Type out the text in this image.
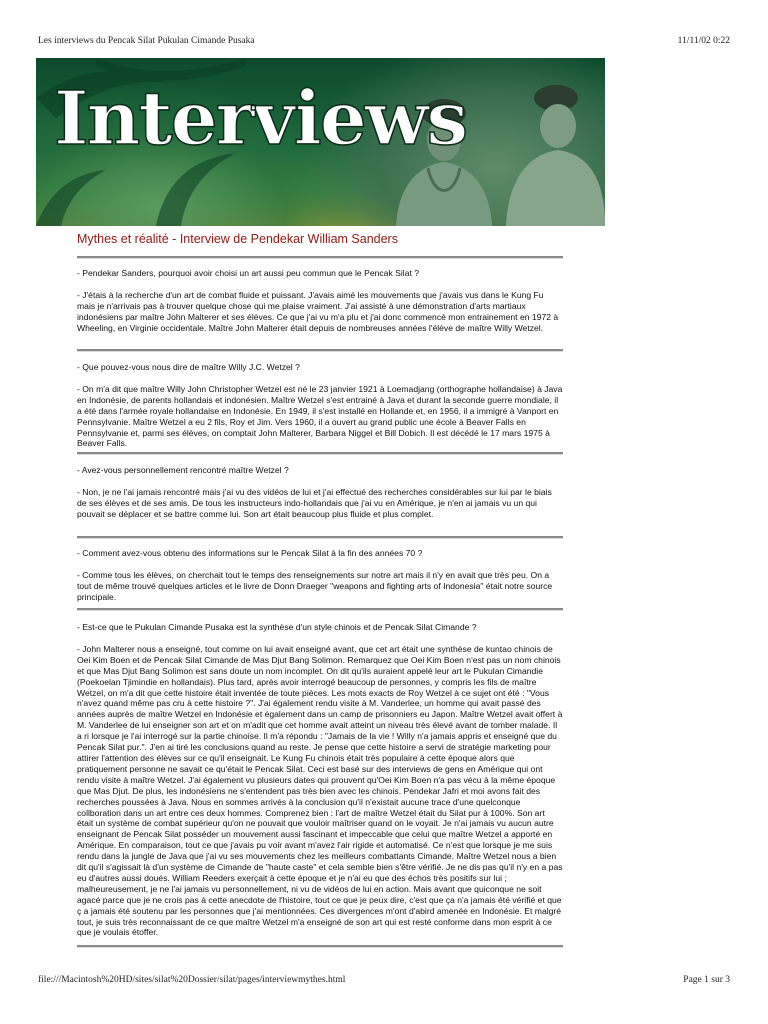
Les interviews du Pencak Silat Pukulan Cimande Pusaka	11/11/02 0:22
Interviews
Mythes et réalité - Interview de Pendekar William Sanders

- Pendekar Sanders, pourquoi avoir choisi un art aussi peu commun que le Pencak Silat ?

- J'étais à la recherche d'un art de combat fluide et puissant. J'avais aimé les mouvements que j'avais vus dans le Kung Fu mais je n'arrivais pas à trouver quelque chose qui me plaise vraiment. J'ai assisté à une démonstration d'arts martiaux indonésiens par maître John Malterer et ses élèves. Ce que j'ai vu m'a plu et j'ai donc commencé mon entrainement en 1972 à Wheeling, en Virginie occidentale. Maître John Malterer était depuis de nombreuses années l'élève de maître Willy Wetzel.

- Que pouvez-vous nous dire de maître Willy J.C. Wetzel ?

- On m'a dit que maître Willy John Christopher Wetzel est né le 23 janvier 1921 à Loemadjang (orthographe hollandaise) à Java en Indonésie, de parents hollandais et indonésien. Maître Wetzel s'est entrainé à Java et durant la seconde guerre mondiale, il a été dans l'armée royale hollandaise en Indonésie. En 1949, il s'est installé en Hollande et, en 1956, il a immigré à Vanport en Pennsylvanie. Maître Wetzel a eu 2 fils, Roy et Jim. Vers 1960, il a ouvert au grand public une école à Beaver Falls en Pennsylvanie et, parmi ses élèves, on comptait John Malterer, Barbara Niggel et Bill Dobich. Il est décédé le 17 mars 1975 à Beaver Falls.

- Avez-vous personnellement rencontré maître Wetzel ?

- Non, je ne l'ai jamais rencontré mais j'ai vu des vidéos de lui et j'ai effectué des recherches considérables sur lui par le biais de ses élèves et de ses amis. De tous les instructeurs indo-hollandais que j'ai vu en Amérique, je n'en ai jamais vu un qui pouvait se déplacer et se battre comme lui. Son art était beaucoup plus fluide et plus complet.

- Comment avez-vous obtenu des informations sur le Pencak Silat à la fin des années 70 ?

- Comme tous les élèves, on cherchait tout le temps des renseignements sur notre art mais il n'y en avait que très peu. On a tout de même trouvé quelques articles et le livre de Donn Draeger "weapons and fighting arts of Indonesia" était notre source principale.

- Est-ce que le Pukulan Cimande Pusaka est la synthèse d'un style chinois et de Pencak Silat Cimande ?

- John Malterer nous a enseigné, tout comme on lui avait enseigné avant, que cet art était une synthèse de kuntao chinois de Oei Kim Boen et de Pencak Silat Cimande de Mas Djut Bang Solimon. Remarquez que Oei Kim Boen n'est pas un nom chinois et que Mas Djut Bang Solimon est sans doute un nom incomplet. On dit qu'ils auraient appelé leur art le Pukulan Cimandie (Poekoelan Tjimindie en hollandais). Plus tard, après avoir interrogé beaucoup de personnes, y compris les fils de maître Wetzel, on m'a dit que cette histoire était inventée de toute pièces. Les mots exacts de Roy Wetzel à ce sujet ont été : "Vous n'avez quand même pas cru à cette histoire ?". J'ai également rendu visite à M. Vanderlee, un homme qui avait passé des années auprès de maître Wetzel en Indonésie et également dans un camp de prisonniers eu Japon. Maître Wetzel avait offert à M. Vanderlee de lui enseigner son art et on m'adit que cet homme avait atteint un niveau très élevé avant de tomber malade. Il a ri lorsque je l'ai interrogé sur la partie chinoise. Il m'a répondu : "Jamais de la vie ! Willy n'a jamais appris et enseigné que du Pencak Silat pur.". J'en ai tiré les conclusions quand au reste. Je pense que cette histoire a servi de stratégie marketing pour attirer l'attention des élèves sur ce qu'il enseignait. Le Kung Fu chinois était très populaire à cette époque alors que pratiquement personne ne savait ce qu'était le Pencak Silat. Ceci est basé sur des interviews de gens en Amérique qui ont rendu visite à maître Wetzel. J'ai également vu plusieurs dates qui prouvent qu'Oei Kim Boen n'a pas vécu à la même époque que Mas Djut. De plus, les indonésiens ne s'entendent pas très bien avec les chinois. Pendekar Jafri et moi avons fait des recherches poussées à Java. Nous en sommes arrivés à la conclusion qu'il n'existait aucune trace d'une quelconque collboration dans un art entre ces deux hommes. Comprenez bien : l'art de maître Wetzel était du Silat pur à 100%. Son art était un système de combat supérieur qu'on ne pouvait que vouloir maîtriser quand on le voyait. Je n'ai jamais vu aucun autre enseignant de Pencak Silat posséder un mouvement aussi fascinant et impeccable que celui que maître Wetzel a apporté en Amérique. En comparaison, tout ce que j'avais pu voir avant m'avez l'air rigide et automatisé. Ce n'est que lorsque je me suis rendu dans la jungle de Java que j'ai vu ses mouvements chez les meilleurs combattants Cimande. Maître Wetzel nous a bien dit qu'il s'agissait là d'un système de Cimande de "haute caste" et cela semble bien s'être vérifié. Je ne dis pas qu'il n'y en a pas eu d'autres aussi doués. William Reeders exerçait à cette époque et je n'ai eu que des échos très positifs sur lui ; malheureusement, je ne l'ai jamais vu personnellement, ni vu de vidéos de lui en action. Mais avant que quiconque ne soit agacé parce que je ne crois pas à cette anecdote de l'histoire, tout ce que je peux dire, c'est que ça n'a jamais été vérifié et que ç a jamais été soutenu par les personnes que j'ai mentionnées. Ces divergences m'ont d'abird amenée en Indonésie. Et malgré tout, je suis très reconnaissant de ce que maître Wetzel m'a enseigné de son art qui est resté conforme dans mon esprit à ce que je voulais étoffer.

file:///Macintosh%20HD/sites/silat%20Dossier/silat/pages/interviewmythes.html	Page 1 sur 3
